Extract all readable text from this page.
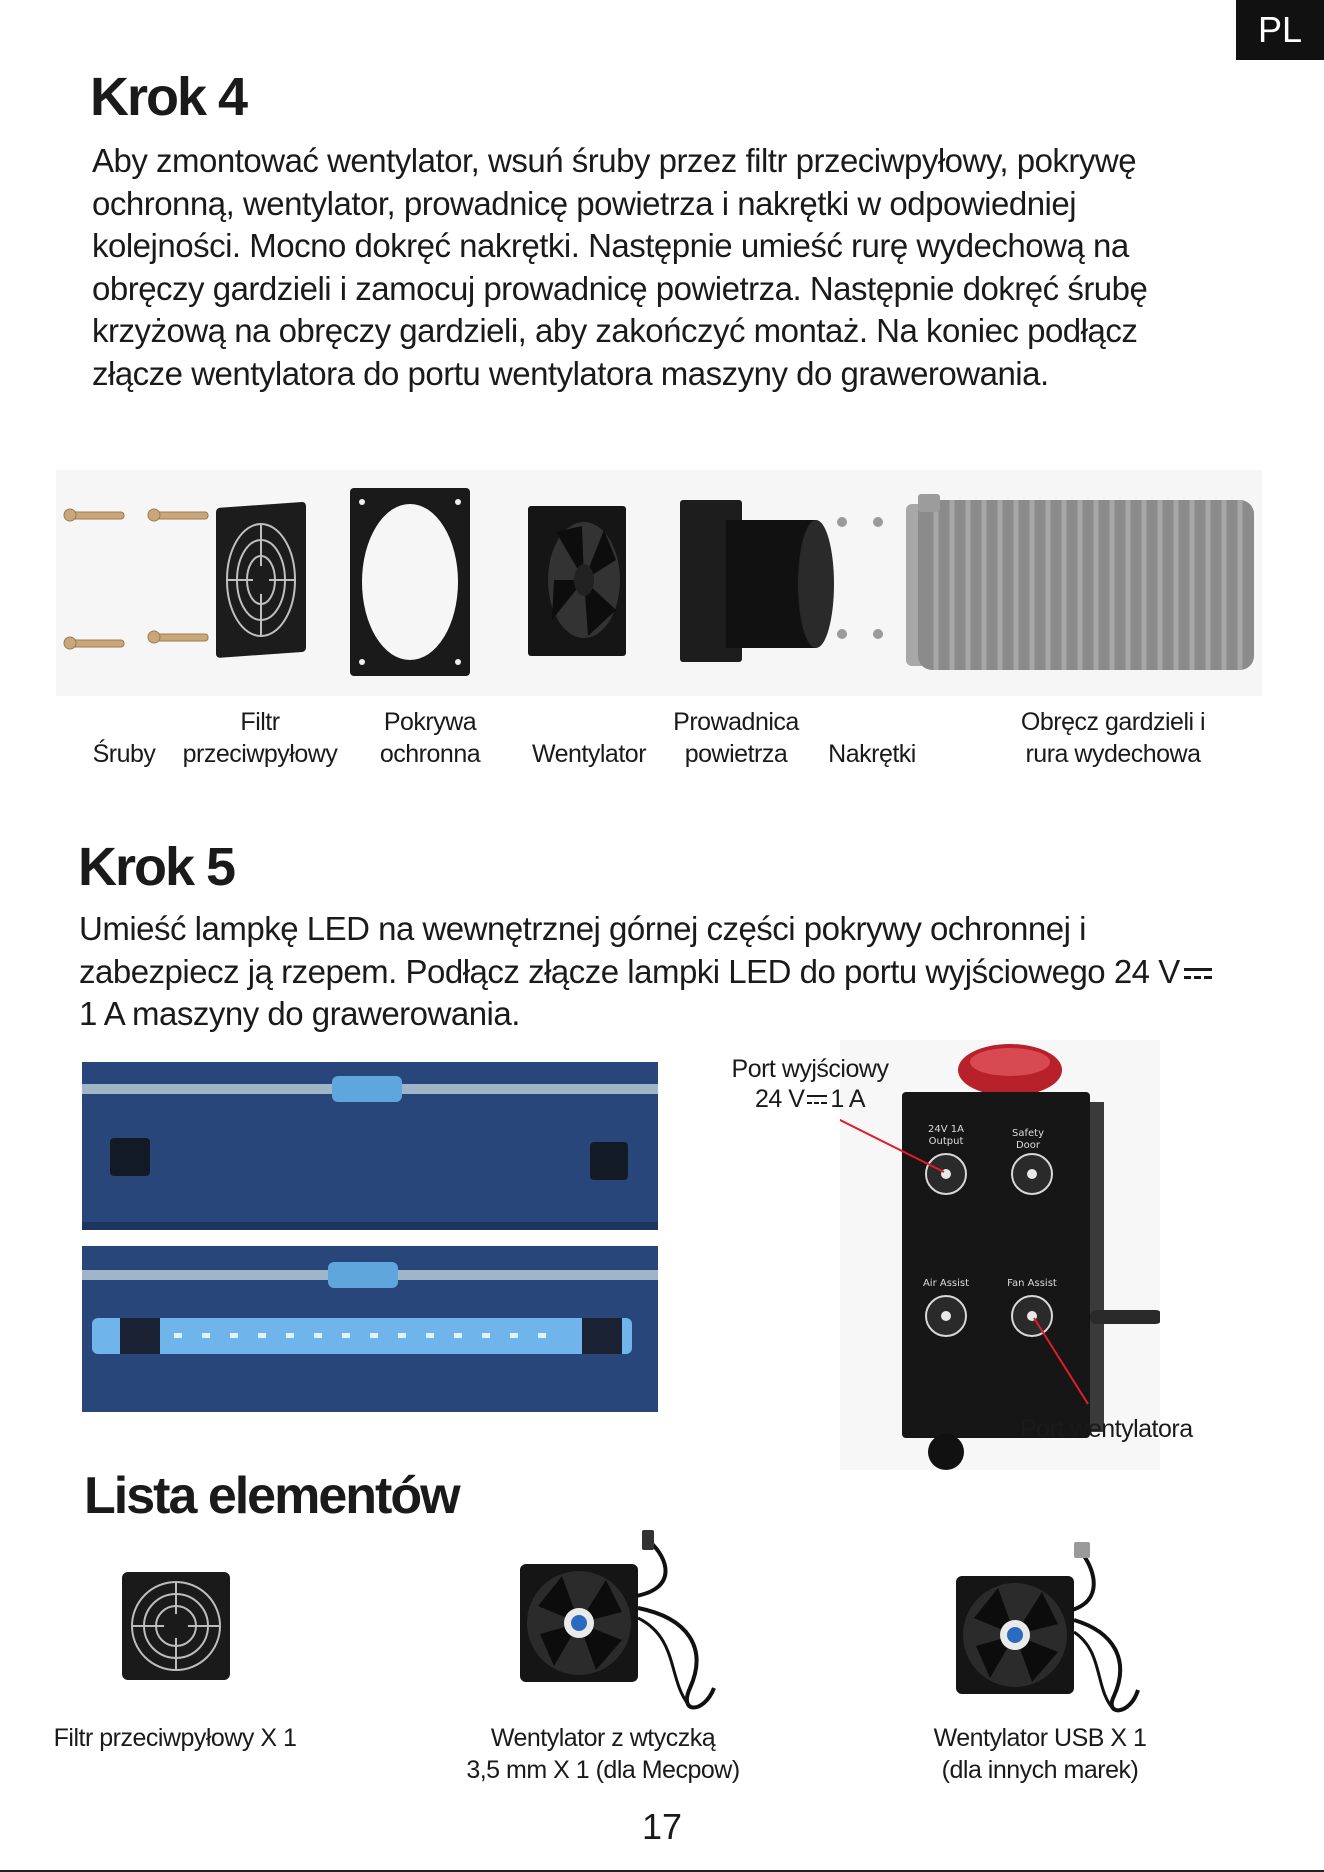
PL
Krok 4

Aby zmontować wentylator, wsuń śruby przez filtr przeciwpyłowy, pokrywę
ochronną, wentylator, prowadnicę powietrza i nakrętki w odpowiedniej
kolejności. Mocno dokręć nakrętki. Następnie umieść rurę wydechową na
obręczy gardzieli i zamocuj prowadnicę powietrza. Następnie dokręć śrubę
krzyżową na obręczy gardzieli, aby zakończyć montaż. Na koniec podłącz
złącze wentylatora do portu wentylatora maszyny do grawerowania.

Śruby
Filtr
przeciwpyłowy
Pokrywa
ochronna	Wentylator
Prowadnica
powietrza	Nakrętki
Obręcz gardzieli i
rura wydechowa
Krok 5

Umieść lampkę LED na wewnętrznej górnej części pokrywy ochronnej i
zabezpiecz ją rzepem. Podłącz złącze lampki LED do portu wyjściowego 24 V
1 A maszyny do grawerowania.

24V 1A
Output
Safety
Door
Air Assist	Fan Assist
Port wyjściowy
24 V 1 A
Port wentylatora
Lista elementów
Filtr przeciwpyłowy X 1	Wentylator z wtyczką
3,5 mm X 1 (dla Mecpow)
Wentylator USB X 1
(dla innych marek)
17
